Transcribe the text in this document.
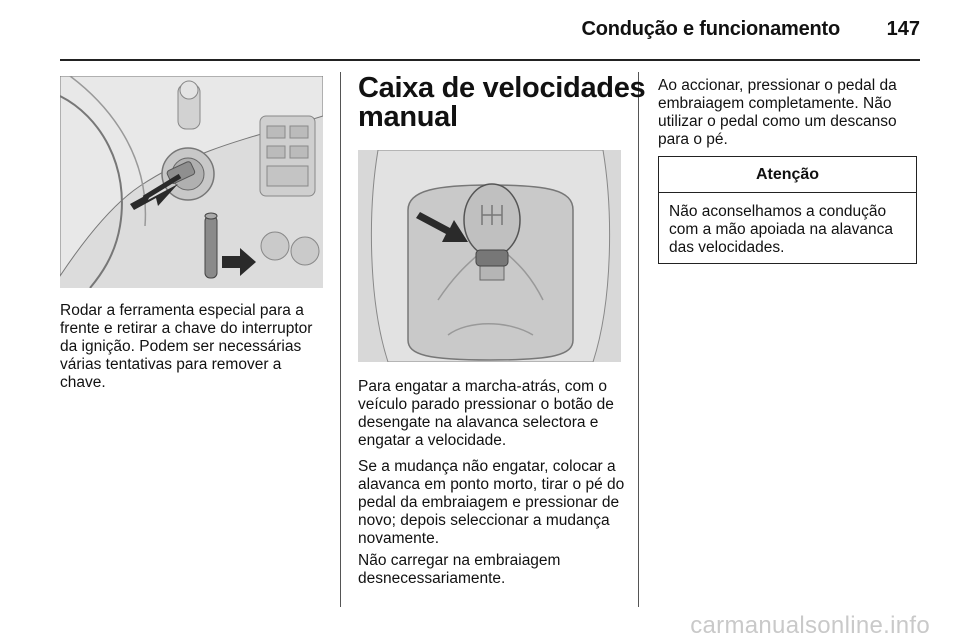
Condução e funcionamento	147

Rodar a ferramenta especial para a frente e retirar a chave do interruptor da ignição. Podem ser necessárias várias tentativas para remover a chave.

Caixa de velocidades manual

Para engatar a marcha-atrás, com o veículo parado pressionar o botão de desengate na alavanca selectora e engatar a velocidade.

Se a mudança não engatar, colocar a alavanca em ponto morto, tirar o pé do pedal da embraiagem e pressionar de novo; depois seleccionar a mudança novamente.

Não carregar na embraiagem desnecessariamente.

Ao accionar, pressionar o pedal da embraiagem completamente. Não utilizar o pedal como um descanso para o pé.

Atenção

Não aconselhamos a condução com a mão apoiada na alavanca das velocidades.

carmanualsonline.info
